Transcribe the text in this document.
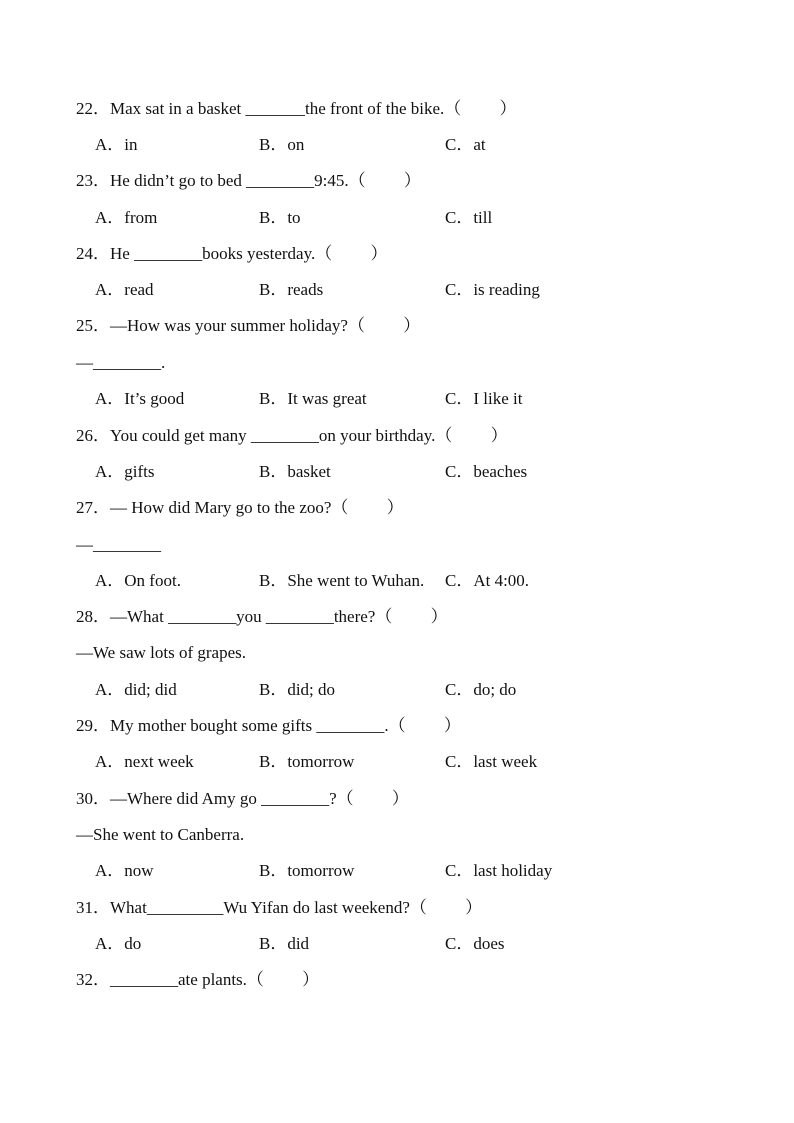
22．Max sat in a basket _______the front of the bike.（　　 ）
A．in	B．on	C．at
23．He didn’t go to bed ________9:45.（　　 ）
A．from	B．to	C．till
24．He ________books yesterday.（　　 ）
A．read	B．reads	C．is reading
25．—How was your summer holiday?（　　 ）
—________.
A．It’s good	B．It was great	C．I like it
26．You could get many ________on your birthday.（　　 ）
A．gifts	B．basket	C．beaches
27．— How did Mary go to the zoo?（　　 ）
—________
A．On foot.	B．She went to Wuhan. C．At 4:00.
28．—What ________you ________there?（　　 ）
—We saw lots of grapes.
A．did; did	B．did; do	C．do; do
29．My mother bought some gifts ________.（　　 ）
A．next week	B．tomorrow	C．last week
30．—Where did Amy go ________?（　　 ）
—She went to Canberra.
A．now	B．tomorrow	C．last holiday
31．What_________Wu Yifan do last weekend?（　　 ）
A．do	B．did	C．does
32．________ate plants.（　　 ）
